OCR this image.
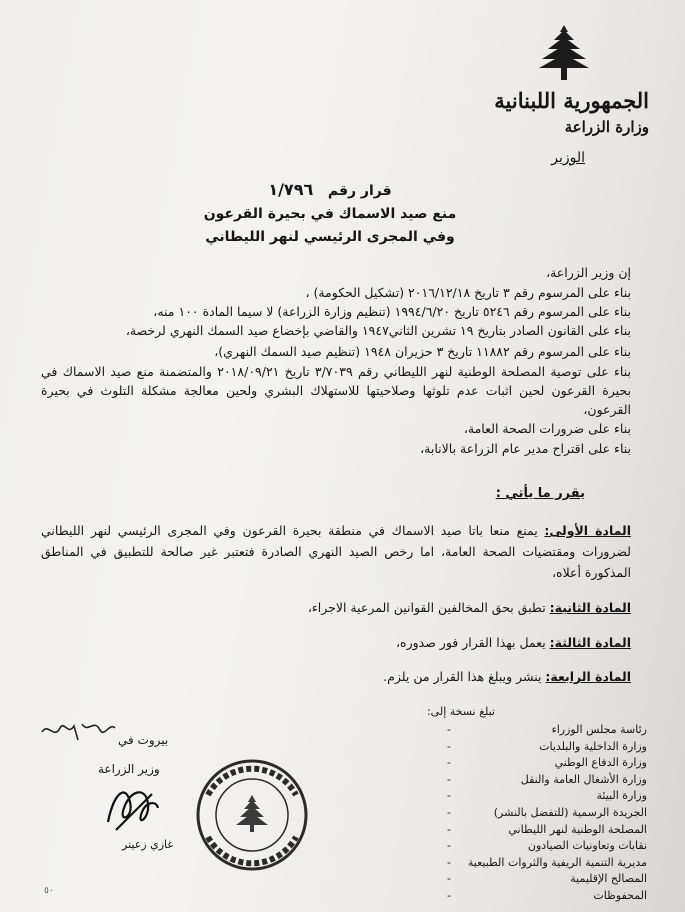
الجمهورية اللبنانية
وزارة الزراعة
الوزير
قرار رقم   ١/٧٩٦
منع صيد الاسماك في بحيرة القرعون
وفي المجرى الرئيسي لنهر الليطاني
إن وزير الزراعة،
بناء على المرسوم رقم ٣ تاريخ ٢٠١٦/١٢/١٨ (تشكيل الحكومة) ،
بناء على المرسوم رقم ٥٢٤٦ تاريخ ١٩٩٤/٦/٢٠ (تنظيم وزارة الزراعة) لا سيما المادة ١٠٠ منه،
بناء على القانون الصادر بتاريخ ١٩ تشرين الثاني١٩٤٧ والقاضي بإخضاع صيد السمك النهري لرخصة،
بناء على المرسوم رقم ١١٨٨٢ تاريخ ٣ حزيران ١٩٤٨ (تنظيم صيد السمك النهري)،
بناء على توصية المصلحة الوطنية لنهر الليطاني رقم ٣/٧٠٣٩ تاريخ ٢٠١٨/٠٩/٢١ والمتضمنة منع صيد الاسماك في بحيرة القرعون لحين اثبات عدم تلوثها وصلاحيتها للاستهلاك البشري ولحين معالجة مشكلة التلوث في بحيرة القرعون،
بناء على ضرورات الصحة العامة،
بناء على اقتراح مدير عام الزراعة بالانابة،
يقرر ما يأتي :
المادة الأولى: يمنع منعا باتا صيد الاسماك في منطقة بحيرة القرعون وفي المجرى الرئيسي لنهر الليطاني لضرورات ومقتضيات الصحة العامة، اما رخص الصيد النهري الصادرة فتعتبر غير صالحة للتطبيق في المناطق المذكورة أعلاه،
المادة الثانية: تطبق بحق المخالفين القوانين المرعية الاجراء،
المادة الثالثة: يعمل بهذا القرار فور صدوره،
المادة الرابعة: ينشر ويبلغ هذا القرار من يلزم.
بيروت في
وزير الزراعة
غازي زعيتر
تبلغ نسخة إلى:
رئاسة مجلس الوزراء
-
وزارة الداخلية والبلديات
-
وزارة الدفاع الوطني
-
وزارة الأشغال العامة والنقل
-
وزارة البيئة
-
الجريدة الرسمية (للتفضل بالنشر)
-
المصلحة الوطنية لنهر الليطاني
-
نقابات وتعاونيات الصيادون
-
مديرية التنمية الريفية والثروات الطبيعية
-
المصالح الإقليمية
-
المحفوظات
-
٥٠
